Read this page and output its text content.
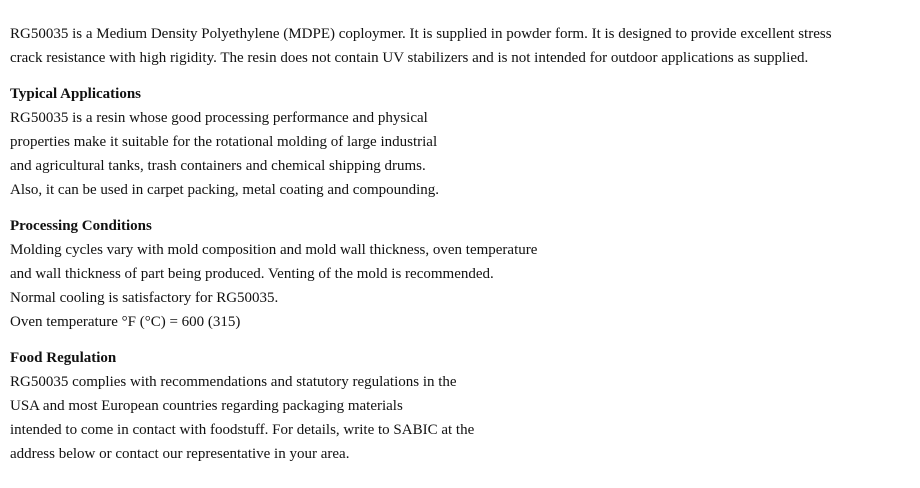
RG50035 is a Medium Density Polyethylene (MDPE) coploymer. It is supplied in powder form. It is designed to provide excellent stress
crack resistance with high rigidity. The resin does not contain UV stabilizers and is not intended for outdoor applications as supplied.

Typical Applications

RG50035 is a resin whose good processing performance and physical
properties make it suitable for the rotational molding of large industrial
and agricultural tanks, trash containers and chemical shipping drums.
Also, it can be used in carpet packing, metal coating and compounding.

Processing Conditions

Molding cycles vary with mold composition and mold wall thickness, oven temperature
and wall thickness of part being produced. Venting of the mold is recommended.
Normal cooling is satisfactory for RG50035.
Oven temperature °F (°C) = 600 (315)

Food Regulation

RG50035 complies with recommendations and statutory regulations in the
USA and most European countries regarding packaging materials
intended to come in contact with foodstuff. For details, write to SABIC at the
address below or contact our representative in your area.
